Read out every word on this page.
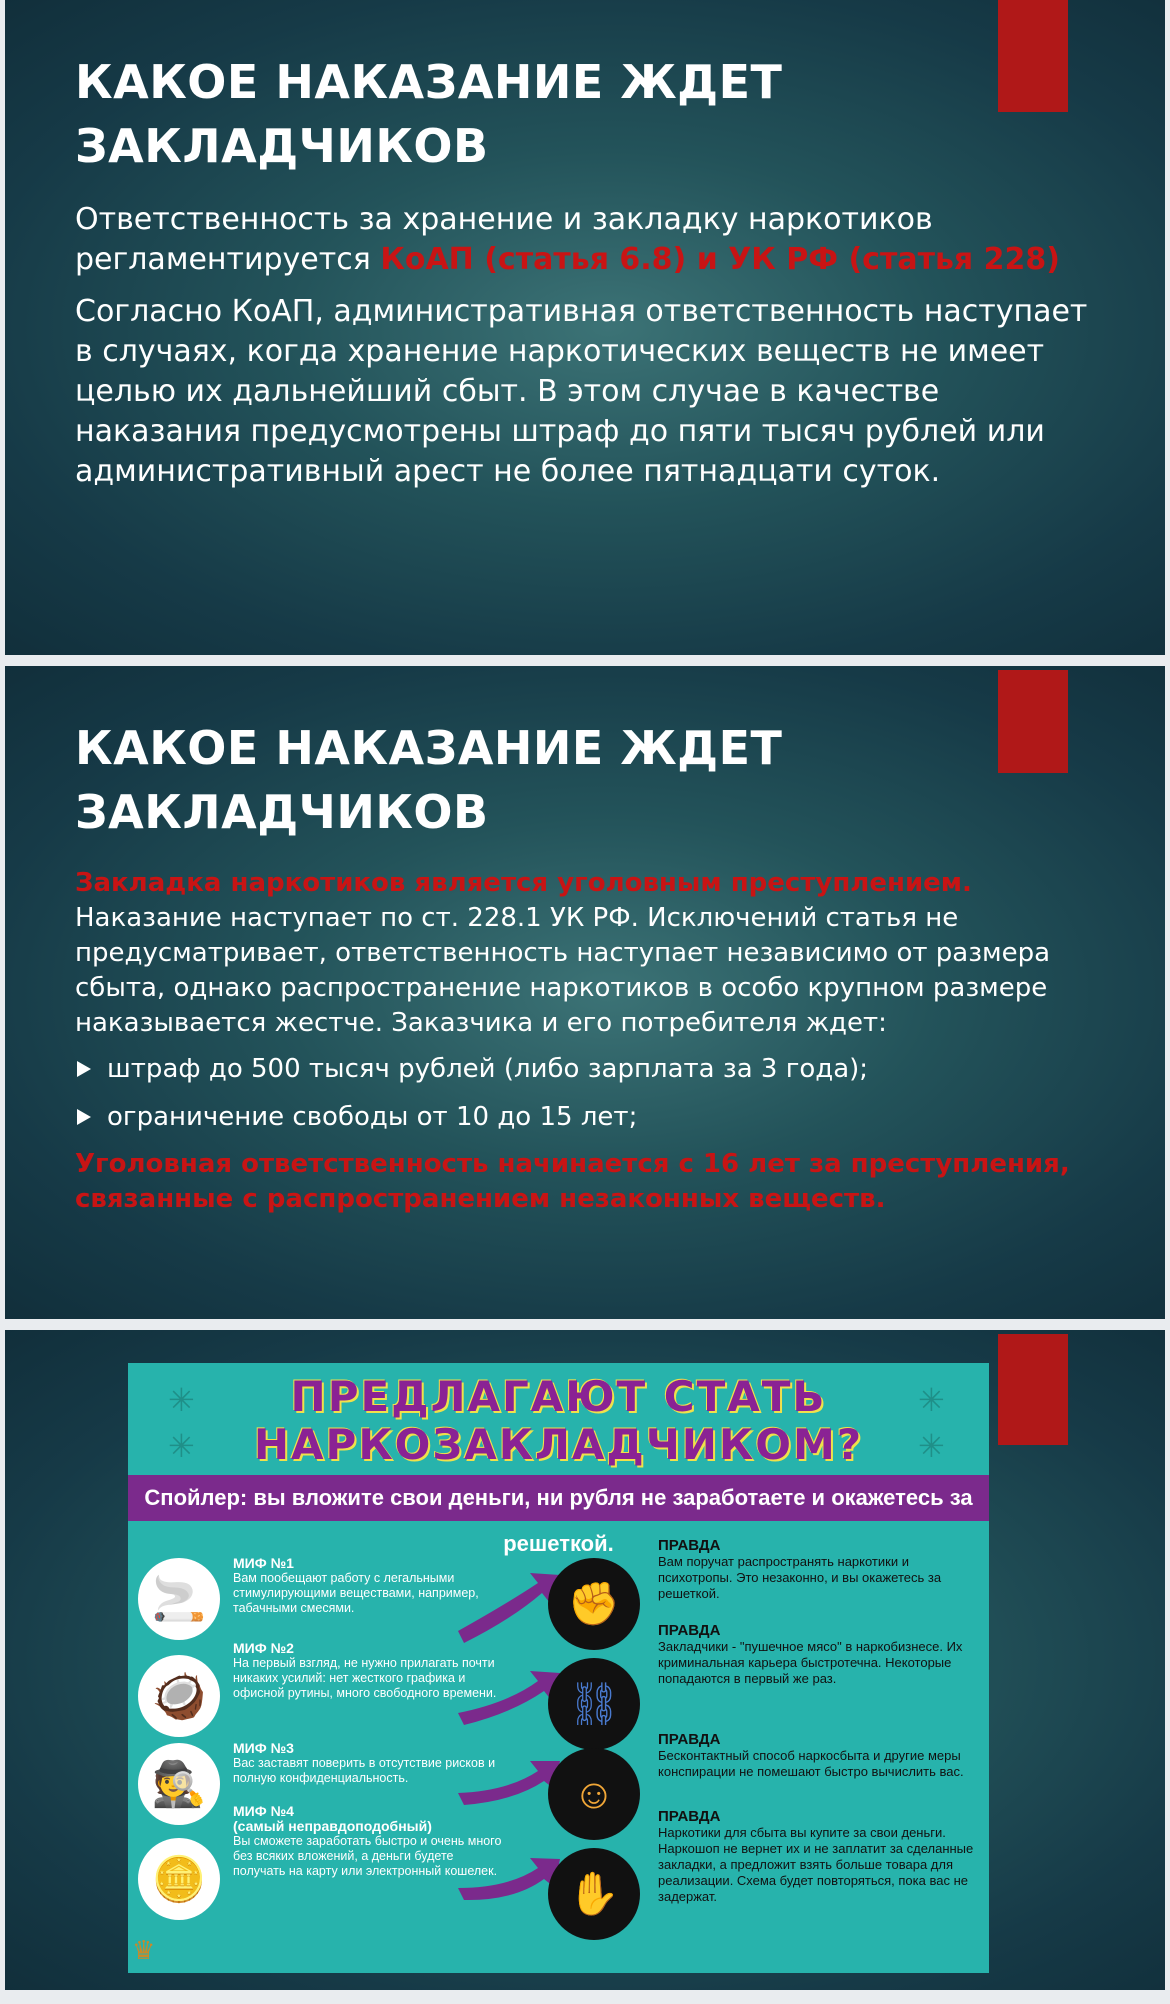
КАКОЕ НАКАЗАНИЕ ЖДЕТ ЗАКЛАДЧИКОВ

Ответственность за хранение и закладку наркотиков регламентируется КоАП (статья 6.8) и УК РФ (статья 228)

Согласно КоАП, административная ответственность наступает в случаях, когда хранение наркотических веществ не имеет целью их дальнейший сбыт. В этом случае в качестве наказания предусмотрены штраф до пяти тысяч рублей или административный арест не более пятнадцати суток.

КАКОЕ НАКАЗАНИЕ ЖДЕТ ЗАКЛАДЧИКОВ

Закладка наркотиков является уголовным преступлением.

Наказание наступает по ст. 228.1 УК РФ. Исключений статья не предусматривает, ответственность наступает независимо от размера сбыта, однако распространение наркотиков в особо крупном размере наказывается жестче. Заказчика и его потребителя ждет:

штраф до 500 тысяч рублей (либо зарплата за 3 года);
ограничение свободы от 10 до 15 лет;

Уголовная ответственность начинается с 16 лет за преступления, связанные с распространением незаконных веществ.

✳
✳
✳
✳
ПРЕДЛАГАЮТ СТАТЬ
НАРКОЗАКЛАДЧИКОМ?
Спойлер: вы вложите свои деньги, ни рубля не заработаете и окажетесь за решеткой.
🚬
МИФ №1
Вам пообещают работу с легальными стимулирующими веществами, например, табачными смесями.
🥥
МИФ №2
На первый взгляд, не нужно прилагать почти никаких усилий: нет жесткого графика и офисной рутины, много свободного времени.
🕵
МИФ №3
Вас заставят поверить в отсутствие рисков и полную конфиденциальность.
🪙
МИФ №4
(самый неправдоподобный)
Вы сможете заработать быстро и очень много без всяких вложений, а деньги будете получать на карту или электронный кошелек.
✊
ПРАВДА
Вам поручат распространять наркотики и психотропы. Это незаконно, и вы окажетесь за решеткой.
⛓
ПРАВДА
Закладчики - "пушечное мясо" в наркобизнесе. Их криминальная карьера быстротечна. Некоторые попадаются в первый же раз.
☺
ПРАВДА
Бесконтактный способ наркосбыта и другие меры конспирации не помешают быстро вычислить вас.
✋
ПРАВДА
Наркотики для сбыта вы купите за свои деньги. Наркошоп не вернет их и не заплатит за сделанные закладки, а предложит взять больше товара для реализации. Схема будет повторяться, пока вас не задержат.
♛
